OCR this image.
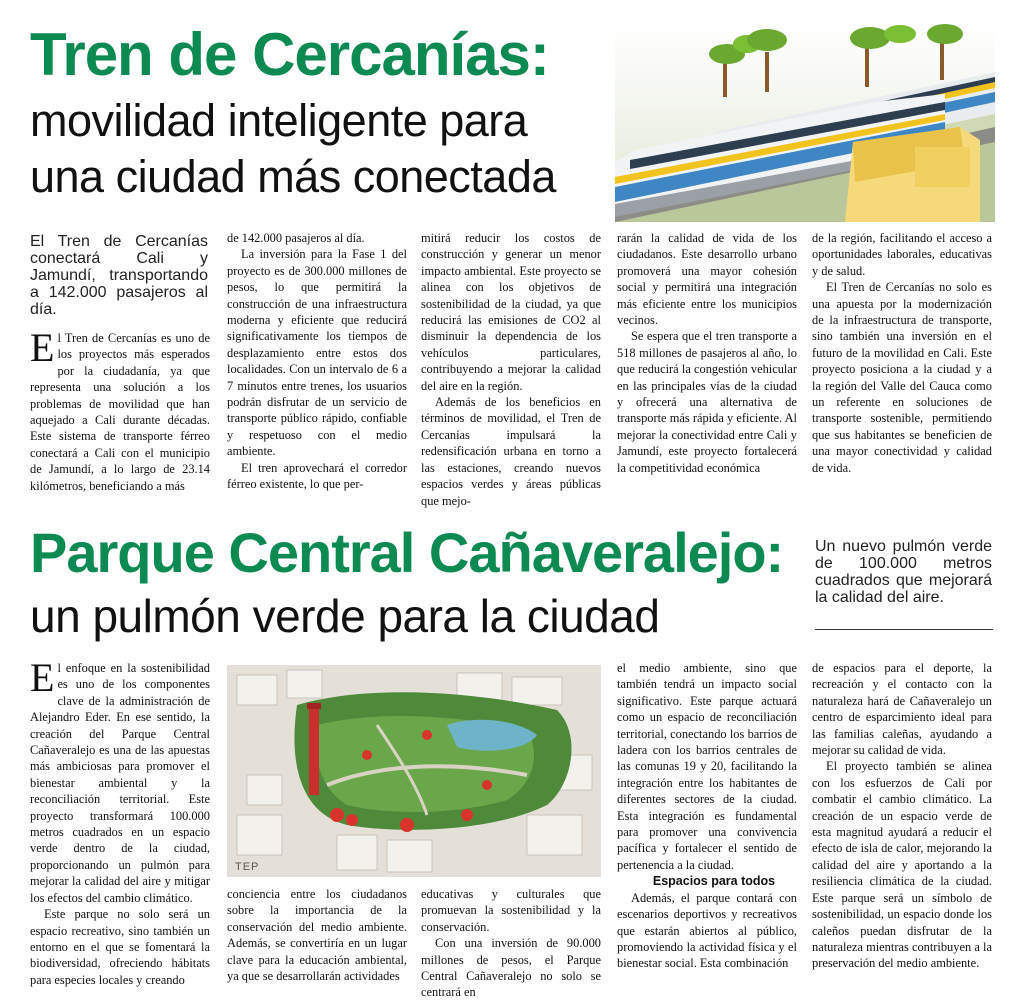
Tren de Cercanías:
movilidad inteligente para
una ciudad más conectada
El Tren de Cercanías conectará Cali y Jamundí, transportando a 142.000 pasajeros al día.

El Tren de Cercanías es uno de los proyectos más esperados por la ciudadanía, ya que representa una solución a los problemas de movilidad que han aquejado a Cali durante décadas. Este sistema de transporte férreo conectará a Cali con el municipio de Jamundí, a lo largo de 23.14 kilómetros, beneficiando a más

de 142.000 pasajeros al día.

La inversión para la Fase 1 del proyecto es de 300.000 millones de pesos, lo que permitirá la construcción de una infraestructura moderna y eficiente que reducirá significativamente los tiempos de desplazamiento entre estos dos localidades. Con un intervalo de 6 a 7 minutos entre trenes, los usuarios podrán disfrutar de un servicio de transporte público rápido, confiable y respetuoso con el medio ambiente.

El tren aprovechará el corredor férreo existente, lo que per-

mitirá reducir los costos de construcción y generar un menor impacto ambiental. Este proyecto se alinea con los objetivos de sostenibilidad de la ciudad, ya que reducirá las emisiones de CO2 al disminuir la dependencia de los vehículos particulares, contribuyendo a mejorar la calidad del aire en la región.

Además de los beneficios en términos de movilidad, el Tren de Cercanías impulsará la redensificación urbana en torno a las estaciones, creando nuevos espacios verdes y áreas públicas que mejo-

rarán la calidad de vida de los ciudadanos. Este desarrollo urbano promoverá una mayor cohesión social y permitirá una integración más eficiente entre los municipios vecinos.

Se espera que el tren transporte a 518 millones de pasajeros al año, lo que reducirá la congestión vehicular en las principales vías de la ciudad y ofrecerá una alternativa de transporte más rápida y eficiente. Al mejorar la conectividad entre Cali y Jamundí, este proyecto fortalecerá la competitividad económica

de la región, facilitando el acceso a oportunidades laborales, educativas y de salud.

El Tren de Cercanías no solo es una apuesta por la modernización de la infraestructura de transporte, sino también una inversión en el futuro de la movilidad en Cali. Este proyecto posiciona a la ciudad y a la región del Valle del Cauca como un referente en soluciones de transporte sostenible, permitiendo que sus habitantes se beneficien de una mayor conectividad y calidad de vida.

Parque Central Cañaveralejo:
un pulmón verde para la ciudad
Un nuevo pulmón verde de 100.000 metros cuadrados que mejorará la calidad del aire.
TEP

El enfoque en la sostenibilidad es uno de los componentes clave de la administración de Alejandro Eder. En ese sentido, la creación del Parque Central Cañaveralejo es una de las apuestas más ambiciosas para promover el bienestar ambiental y la reconciliación territorial. Este proyecto transformará 100.000 metros cuadrados en un espacio verde dentro de la ciudad, proporcionando un pulmón para mejorar la calidad del aire y mitigar los efectos del cambio climático.

Este parque no solo será un espacio recreativo, sino también un entorno en el que se fomentará la biodiversidad, ofreciendo hábitats para especies locales y creando

conciencia entre los ciudadanos sobre la importancia de la conservación del medio ambiente. Además, se convertiría en un lugar clave para la educación ambiental, ya que se desarrollarán actividades

educativas y culturales que promuevan la sostenibilidad y la conservación.

Con una inversión de 90.000 millones de pesos, el Parque Central Cañaveralejo no solo se centrará en

el medio ambiente, sino que también tendrá un impacto social significativo. Este parque actuará como un espacio de reconciliación territorial, conectando los barrios de ladera con los barrios centrales de las comunas 19 y 20, facilitando la integración entre los habitantes de diferentes sectores de la ciudad. Esta integración es fundamental para promover una convivencia pacífica y fortalecer el sentido de pertenencia a la ciudad.

Espacios para todos

Además, el parque contará con escenarios deportivos y recreativos que estarán abiertos al público, promoviendo la actividad física y el bienestar social. Esta combinación

de espacios para el deporte, la recreación y el contacto con la naturaleza hará de Cañaveralejo un centro de esparcimiento ideal para las familias caleñas, ayudando a mejorar su calidad de vida.

El proyecto también se alinea con los esfuerzos de Cali por combatir el cambio climático. La creación de un espacio verde de esta magnitud ayudará a reducir el efecto de isla de calor, mejorando la calidad del aire y aportando a la resiliencia climática de la ciudad. Este parque será un símbolo de sostenibilidad, un espacio donde los caleños puedan disfrutar de la naturaleza mientras contribuyen a la preservación del medio ambiente.
